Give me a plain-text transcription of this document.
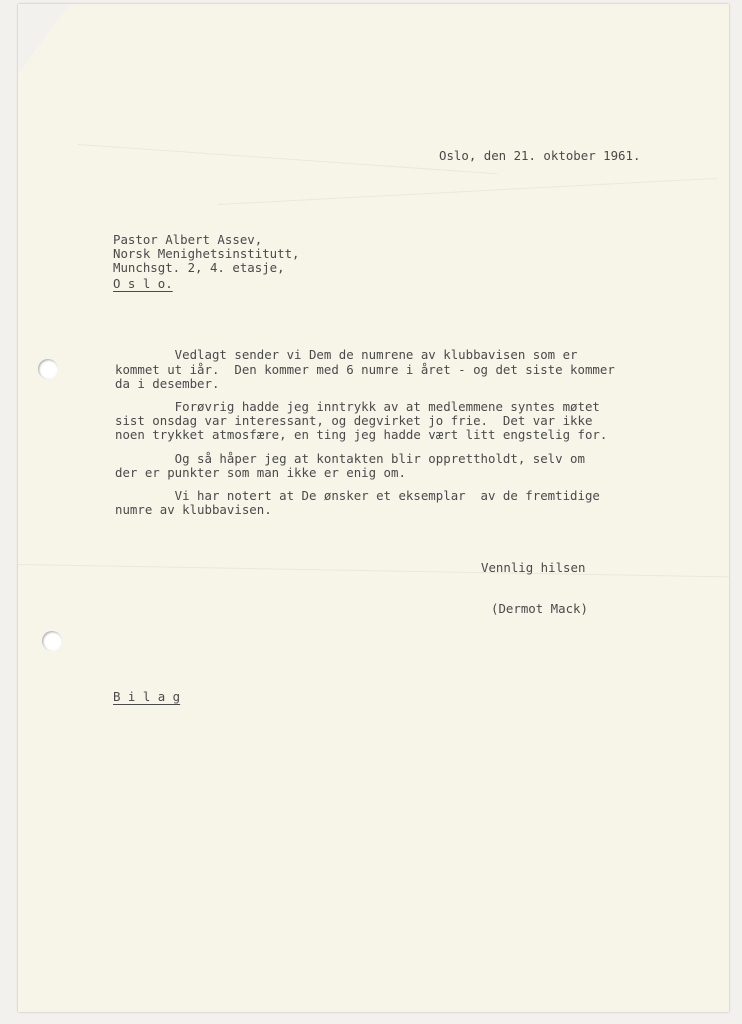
Oslo, den 21. oktober 1961.
Pastor Albert Assev,
Norsk Menighetsinstitutt,
Munchsgt. 2, 4. etasje,
O s l o.
Vedlagt sender vi Dem de numrene av klubbavisen som er
kommet ut iår.  Den kommer med 6 numre i året - og det siste kommer
da i desember.
Forøvrig hadde jeg inntrykk av at medlemmene syntes møtet
sist onsdag var interessant, og degvirket jo frie.  Det var ikke
noen trykket atmosfære, en ting jeg hadde vært litt engstelig for.
Og så håper jeg at kontakten blir opprettholdt, selv om
der er punkter som man ikke er enig om.
Vi har notert at De ønsker et eksemplar  av de fremtidige
numre av klubbavisen.
Vennlig hilsen
(Dermot Mack)
B i l a g
